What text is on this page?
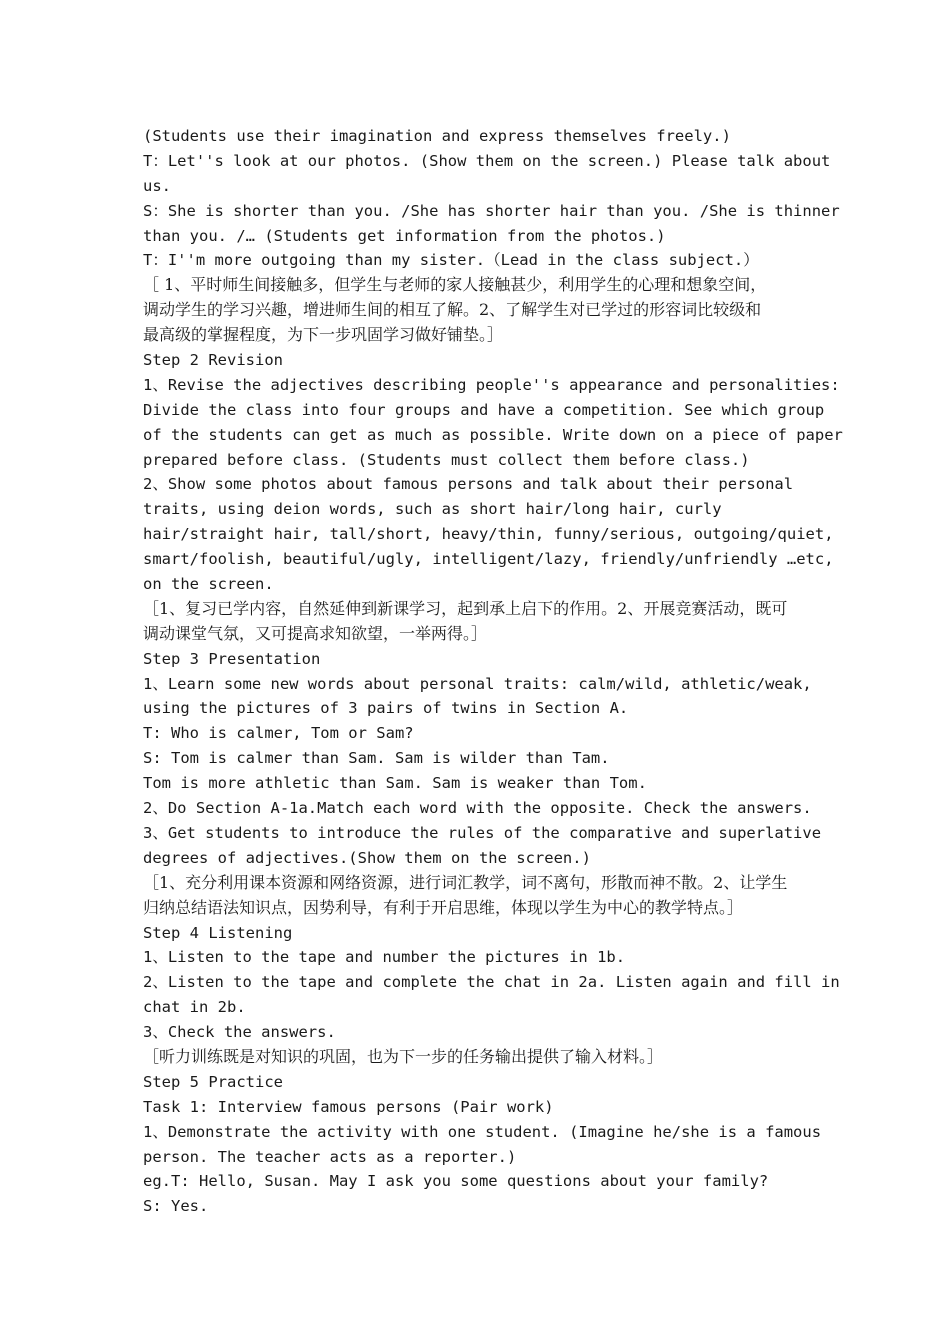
(Students use their imagination and express themselves freely.)
T：Let''s look at our photos. (Show them on the screen.) Please talk about
us.
S：She is shorter than you. /She has shorter hair than you. /She is thinner
than you. /… (Students get information from the photos.)
T：I''m more outgoing than my sister.（Lead in the class subject.）
［ 1、平时师生间接触多，但学生与老师的家人接触甚少，利用学生的心理和想象空间，
调动学生的学习兴趣，增进师生间的相互了解。2、了解学生对已学过的形容词比较级和
最高级的掌握程度，为下一步巩固学习做好铺垫。］
Step 2 Revision
1、Revise the adjectives describing people''s appearance and personalities:
Divide the class into four groups and have a competition. See which group
of the students can get as much as possible. Write down on a piece of paper
prepared before class. (Students must collect them before class.)
2、Show some photos about famous persons and talk about their personal
traits, using deion words, such as short hair/long hair, curly
hair/straight hair, tall/short, heavy/thin, funny/serious, outgoing/quiet,
smart/foolish, beautiful/ugly, intelligent/lazy, friendly/unfriendly …etc,
on the screen.
［1、复习已学内容，自然延伸到新课学习，起到承上启下的作用。2、开展竞赛活动，既可
调动课堂气氛，又可提高求知欲望，一举两得。］
Step 3 Presentation
1、Learn some new words about personal traits: calm/wild, athletic/weak,
using the pictures of 3 pairs of twins in Section A.
T: Who is calmer, Tom or Sam?
S: Tom is calmer than Sam. Sam is wilder than Tam.
Tom is more athletic than Sam. Sam is weaker than Tom.
2、Do Section A-1a.Match each word with the opposite. Check the answers.
3、Get students to introduce the rules of the comparative and superlative
degrees of adjectives.(Show them on the screen.)
［1、充分利用课本资源和网络资源，进行词汇教学，词不离句，形散而神不散。2、让学生
归纳总结语法知识点，因势利导，有利于开启思维，体现以学生为中心的教学特点。］
Step 4 Listening
1、Listen to the tape and number the pictures in 1b.
2、Listen to the tape and complete the chat in 2a. Listen again and fill in
chat in 2b.
3、Check the answers.
［听力训练既是对知识的巩固，也为下一步的任务输出提供了输入材料。］
Step 5 Practice
Task 1: Interview famous persons (Pair work)
1、Demonstrate the activity with one student. (Imagine he/she is a famous
person. The teacher acts as a reporter.)
eg.T: Hello, Susan. May I ask you some questions about your family?
S: Yes.
